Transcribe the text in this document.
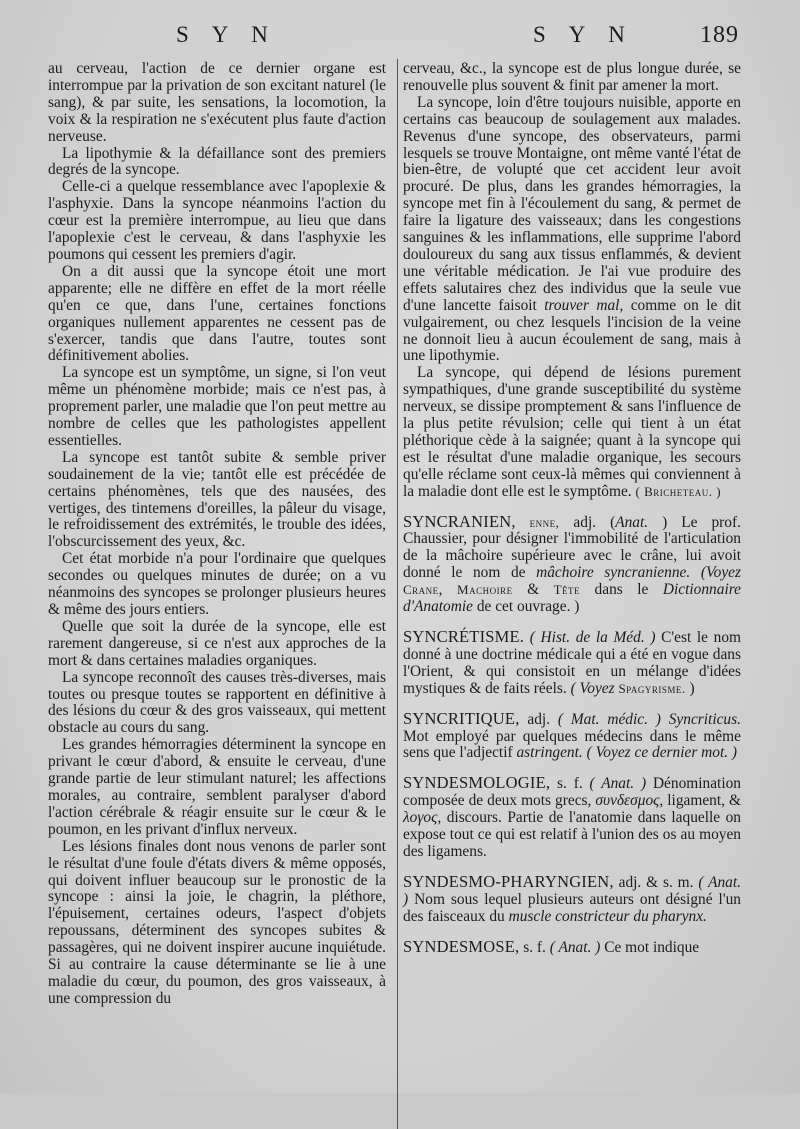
S Y N	S Y N	189

au cerveau, l'action de ce dernier organe est interrompue par la privation de son excitant naturel (le sang), & par suite, les sensations, la locomotion, la voix & la respiration ne s'exécutent plus faute d'action nerveuse.

La lipothymie & la défaillance sont des premiers degrés de la syncope.

Celle-ci a quelque ressemblance avec l'apoplexie & l'asphyxie. Dans la syncope néanmoins l'action du cœur est la première interrompue, au lieu que dans l'apoplexie c'est le cerveau, & dans l'asphyxie les poumons qui cessent les premiers d'agir.

On a dit aussi que la syncope étoit une mort apparente; elle ne diffère en effet de la mort réelle qu'en ce que, dans l'une, certaines fonctions organiques nullement apparentes ne cessent pas de s'exercer, tandis que dans l'autre, toutes sont définitivement abolies.

La syncope est un symptôme, un signe, si l'on veut même un phénomène morbide; mais ce n'est pas, à proprement parler, une maladie que l'on peut mettre au nombre de celles que les pathologistes appellent essentielles.

La syncope est tantôt subite & semble priver soudainement de la vie; tantôt elle est précédée de certains phénomènes, tels que des nausées, des vertiges, des tintemens d'oreilles, la pâleur du visage, le refroidissement des extrémités, le trouble des idées, l'obscurcissement des yeux, &c.

Cet état morbide n'a pour l'ordinaire que quelques secondes ou quelques minutes de durée; on a vu néanmoins des syncopes se prolonger plusieurs heures & même des jours entiers.

Quelle que soit la durée de la syncope, elle est rarement dangereuse, si ce n'est aux approches de la mort & dans certaines maladies organiques.

La syncope reconnoît des causes très-diverses, mais toutes ou presque toutes se rapportent en définitive à des lésions du cœur & des gros vaisseaux, qui mettent obstacle au cours du sang.

Les grandes hémorragies déterminent la syncope en privant le cœur d'abord, & ensuite le cerveau, d'une grande partie de leur stimulant naturel; les affections morales, au contraire, semblent paralyser d'abord l'action cérébrale & réagir ensuite sur le cœur & le poumon, en les privant d'influx nerveux.

Les lésions finales dont nous venons de parler sont le résultat d'une foule d'états divers & même opposés, qui doivent influer beaucoup sur le pronostic de la syncope : ainsi la joie, le chagrin, la pléthore, l'épuisement, certaines odeurs, l'aspect d'objets repoussans, déterminent des syncopes subites & passagères, qui ne doivent inspirer aucune inquiétude. Si au contraire la cause déterminante se lie à une maladie du cœur, du poumon, des gros vaisseaux, à une compression du

cerveau, &c., la syncope est de plus longue durée, se renouvelle plus souvent & finit par amener la mort.

La syncope, loin d'être toujours nuisible, apporte en certains cas beaucoup de soulagement aux malades. Revenus d'une syncope, des observateurs, parmi lesquels se trouve Montaigne, ont même vanté l'état de bien-être, de volupté que cet accident leur avoit procuré. De plus, dans les grandes hémorragies, la syncope met fin à l'écoulement du sang, & permet de faire la ligature des vaisseaux; dans les congestions sanguines & les inflammations, elle supprime l'abord douloureux du sang aux tissus enflammés, & devient une véritable médication. Je l'ai vue produire des effets salutaires chez des individus que la seule vue d'une lancette faisoit trouver mal, comme on le dit vulgairement, ou chez lesquels l'incision de la veine ne donnoit lieu à aucun écoulement de sang, mais à une lipothymie.

La syncope, qui dépend de lésions purement sympathiques, d'une grande susceptibilité du système nerveux, se dissipe promptement & sans l'influence de la plus petite révulsion; celle qui tient à un état pléthorique cède à la saignée; quant à la syncope qui est le résultat d'une maladie organique, les secours qu'elle réclame sont ceux-là mêmes qui conviennent à la maladie dont elle est le symptôme. ( Bricheteau. )

SYNCRANIEN, enne, adj. (Anat. ) Le prof. Chaussier, pour désigner l'immobilité de l'articulation de la mâchoire supérieure avec le crâne, lui avoit donné le nom de mâchoire syncranienne. (Voyez Crane, Machoire & Tête dans le Dictionnaire d'Anatomie de cet ouvrage. )

SYNCRÉTISME. ( Hist. de la Méd. ) C'est le nom donné à une doctrine médicale qui a été en vogue dans l'Orient, & qui consistoit en un mélange d'idées mystiques & de faits réels. ( Voyez Spagyrisme. )

SYNCRITIQUE, adj. ( Mat. médic. ) Syncriticus. Mot employé par quelques médecins dans le même sens que l'adjectif astringent. ( Voyez ce dernier mot. )

SYNDESMOLOGIE, s. f. ( Anat. ) Dénomination composée de deux mots grecs, συνδεσμος, ligament, & λογος, discours. Partie de l'anatomie dans laquelle on expose tout ce qui est relatif à l'union des os au moyen des ligamens.

SYNDESMO-PHARYNGIEN, adj. & s. m. ( Anat. ) Nom sous lequel plusieurs auteurs ont désigné l'un des faisceaux du muscle constricteur du pharynx.

SYNDESMOSE, s. f. ( Anat. ) Ce mot indique
